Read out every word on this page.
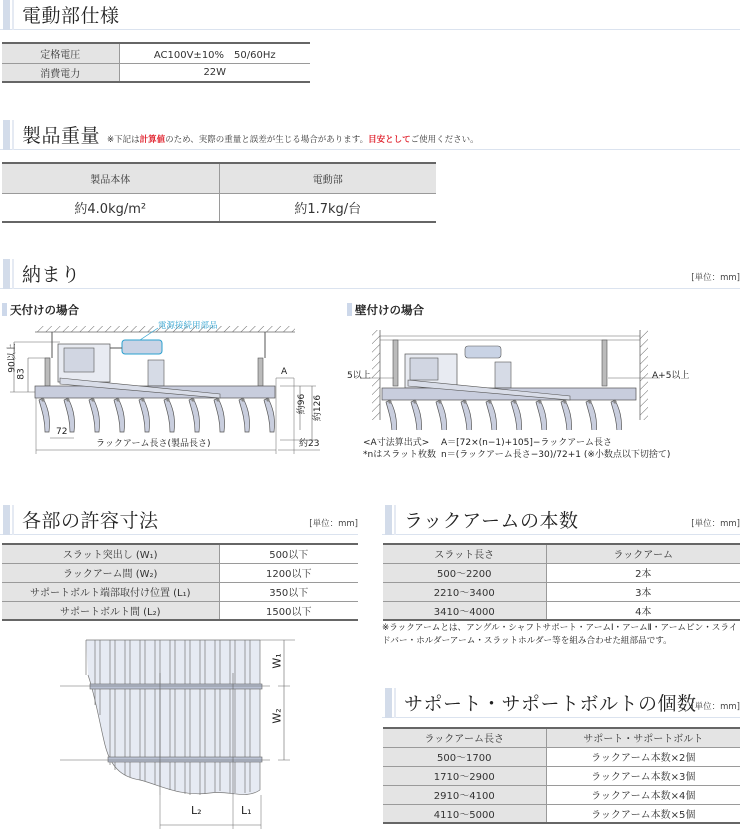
電動部仕様
定格電圧	AC100V±10%　50/60Hz
消費電力	22W
製品重量 ※下記は計算値のため、実際の重量と誤差が生じる場合があります。目安としてご使用ください。
製品本体	電動部
約4.0kg/m²	約1.7kg/台
納まり	[単位：mm]
天付けの場合	壁付けの場合
電源接続用部品
90以上
83	A
約96 約126
72
ラックアーム長さ(製品長さ)	約23
5以上	A+5以上
<A寸法算出式> A＝[72×(n−1)+105]−ラックアーム長さ
*nはスラット枚数 n＝(ラックアーム長さ−30)/72+1 (※小数点以下切捨て)
各部の許容寸法	[単位：mm]
スラット突出し (W₁)	500以下
ラックアーム間 (W₂)	1200以下
サポートボルト端部取付け位置 (L₁)	350以下
サポートボルト間 (L₂)	1500以下
W₁
W₂
L₂	L₁
ラックアームの本数	[単位：mm]
スラット長さ	ラックアーム
500～2200	2本
2210～3400	3本
3410～4000	4本
※ラックアームとは、アングル・シャフトサポート・アームⅠ・アームⅡ・アームピン・スライドバー・ホルダーアーム・スラットホルダー等を組み合わせた組部品です。
サポート・サポートボルトの個数
[単位：mm]
ラックアーム長さ	サポート・サポートボルト
500～1700	ラックアーム本数×2個
1710～2900	ラックアーム本数×3個
2910～4100	ラックアーム本数×4個
4110～5000	ラックアーム本数×5個
